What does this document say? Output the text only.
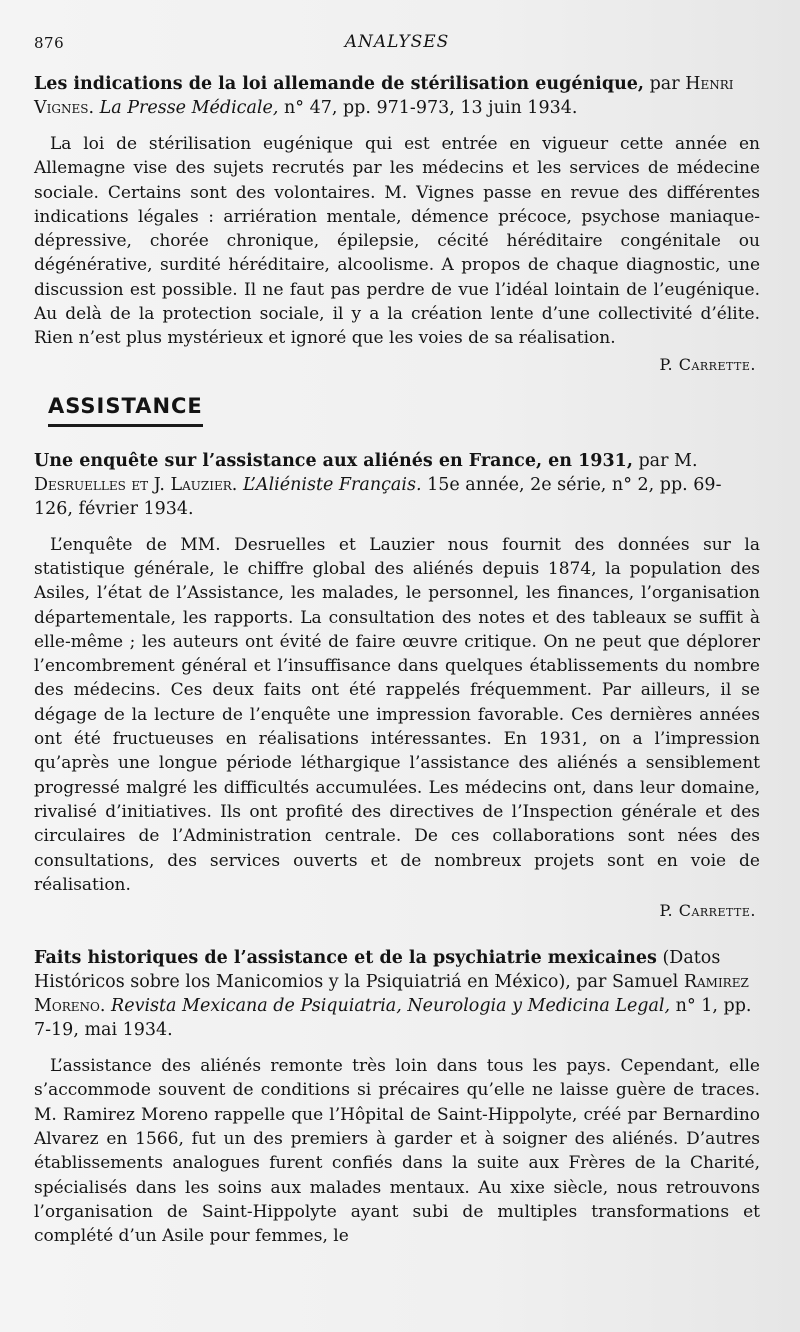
876	ANALYSES

Les indications de la loi allemande de stérilisation eugénique, par Henri Vignes. La Presse Médicale, n° 47, pp. 971-973, 13 juin 1934.

La loi de stérilisation eugénique qui est entrée en vigueur cette année en Allemagne vise des sujets recrutés par les médecins et les services de médecine sociale. Certains sont des volontaires. M. Vignes passe en revue des différentes indications légales : arriération mentale, démence précoce, psychose maniaque-dépressive, chorée chronique, épilepsie, cécité héréditaire congénitale ou dégénérative, surdité héréditaire, alcoolisme. A propos de chaque diagnostic, une discussion est possible. Il ne faut pas perdre de vue l’idéal lointain de l’eugénique. Au delà de la protection sociale, il y a la création lente d’une collectivité d’élite. Rien n’est plus mystérieux et ignoré que les voies de sa réalisation.

P. Carrette.

ASSISTANCE

Une enquête sur l’assistance aux aliénés en France, en 1931, par M. Desruelles et J. Lauzier. L’Aliéniste Français. 15e année, 2e série, n° 2, pp. 69-126, février 1934.

L’enquête de MM. Desruelles et Lauzier nous fournit des données sur la statistique générale, le chiffre global des aliénés depuis 1874, la population des Asiles, l’état de l’Assistance, les malades, le personnel, les finances, l’organisation départementale, les rapports. La consultation des notes et des tableaux se suffit à elle-même ; les auteurs ont évité de faire œuvre critique. On ne peut que déplorer l’encombrement général et l’insuffisance dans quelques établissements du nombre des médecins. Ces deux faits ont été rappelés fréquemment. Par ailleurs, il se dégage de la lecture de l’enquête une impression favorable. Ces dernières années ont été fructueuses en réalisations intéressantes. En 1931, on a l’impression qu’après une longue période léthargique l’assistance des aliénés a sensiblement progressé malgré les difficultés accumulées. Les médecins ont, dans leur domaine, rivalisé d’initiatives. Ils ont profité des directives de l’Inspection générale et des circulaires de l’Administration centrale. De ces collaborations sont nées des consultations, des services ouverts et de nombreux projets sont en voie de réalisation.

P. Carrette.

Faits historiques de l’assistance et de la psychiatrie mexicaines (Datos Históricos sobre los Manicomios y la Psiquiatriá en México), par Samuel Ramirez Moreno. Revista Mexicana de Psiquiatria, Neurologia y Medicina Legal, n° 1, pp. 7-19, mai 1934.

L’assistance des aliénés remonte très loin dans tous les pays. Cependant, elle s’accommode souvent de conditions si précaires qu’elle ne laisse guère de traces. M. Ramirez Moreno rappelle que l’Hôpital de Saint-Hippolyte, créé par Bernardino Alvarez en 1566, fut un des premiers à garder et à soigner des aliénés. D’autres établissements analogues furent confiés dans la suite aux Frères de la Charité, spécialisés dans les soins aux malades mentaux. Au xixe siècle, nous retrouvons l’organisation de Saint-Hippolyte ayant subi de multiples transformations et complété d’un Asile pour femmes, le
